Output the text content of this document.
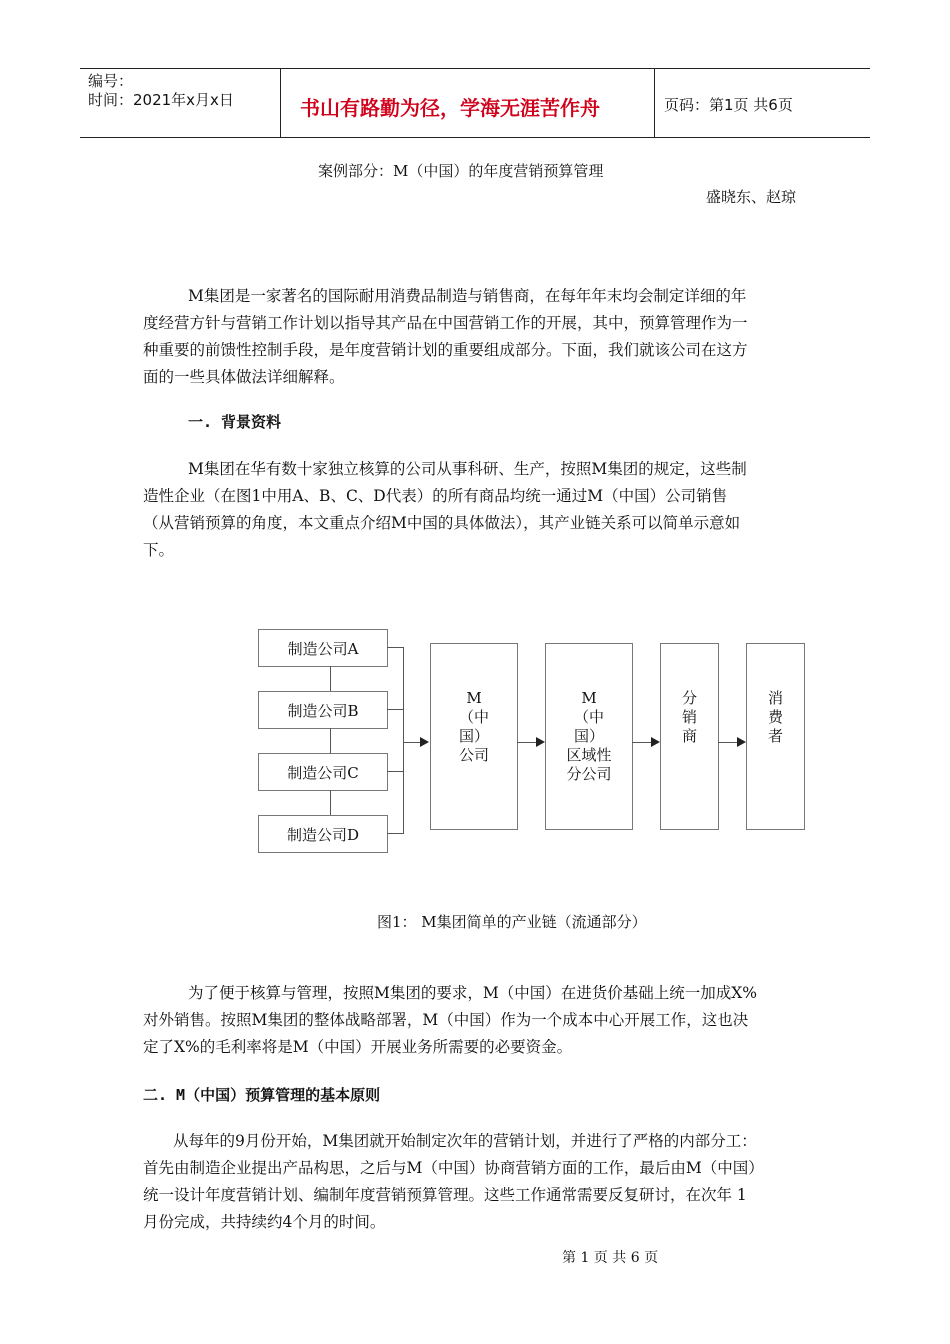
编号：
时间：2021年x月x日	书山有路勤为径，学海无涯苦作舟	页码：第1页 共6页
案例部分：M（中国）的年度营销预算管理
盛晓东、赵琼
M集团是一家著名的国际耐用消费品制造与销售商，在每年年末均会制定详细的年
度经营方针与营销工作计划以指导其产品在中国营销工作的开展，其中，预算管理作为一
种重要的前馈性控制手段，是年度营销计划的重要组成部分。下面，我们就该公司在这方
面的一些具体做法详细解释。
一. 背景资料
M集团在华有数十家独立核算的公司从事科研、生产，按照M集团的规定，这些制
造性企业（在图1中用A、B、C、D代表）的所有商品均统一通过M（中国）公司销售
（从营销预算的角度，本文重点介绍M中国的具体做法），其产业链关系可以简单示意如
下。
制造公司A
制造公司B
制造公司C
制造公司D
M
（中
国）
公司
M
（中
国）
区域性
分公司
分
销
商
消
费
者
图1： M集团简单的产业链（流通部分）
为了便于核算与管理，按照M集团的要求，M（中国）在进货价基础上统一加成X%
对外销售。按照M集团的整体战略部署，M（中国）作为一个成本中心开展工作，这也决
定了X%的毛利率将是M（中国）开展业务所需要的必要资金。
二. M（中国）预算管理的基本原则
从每年的9月份开始，M集团就开始制定次年的营销计划，并进行了严格的内部分工：
首先由制造企业提出产品构思，之后与M（中国）协商营销方面的工作，最后由M（中国）
统一设计年度营销计划、编制年度营销预算管理。这些工作通常需要反复研讨，在次年 1
月份完成，共持续约4个月的时间。
第 1 页 共 6 页
